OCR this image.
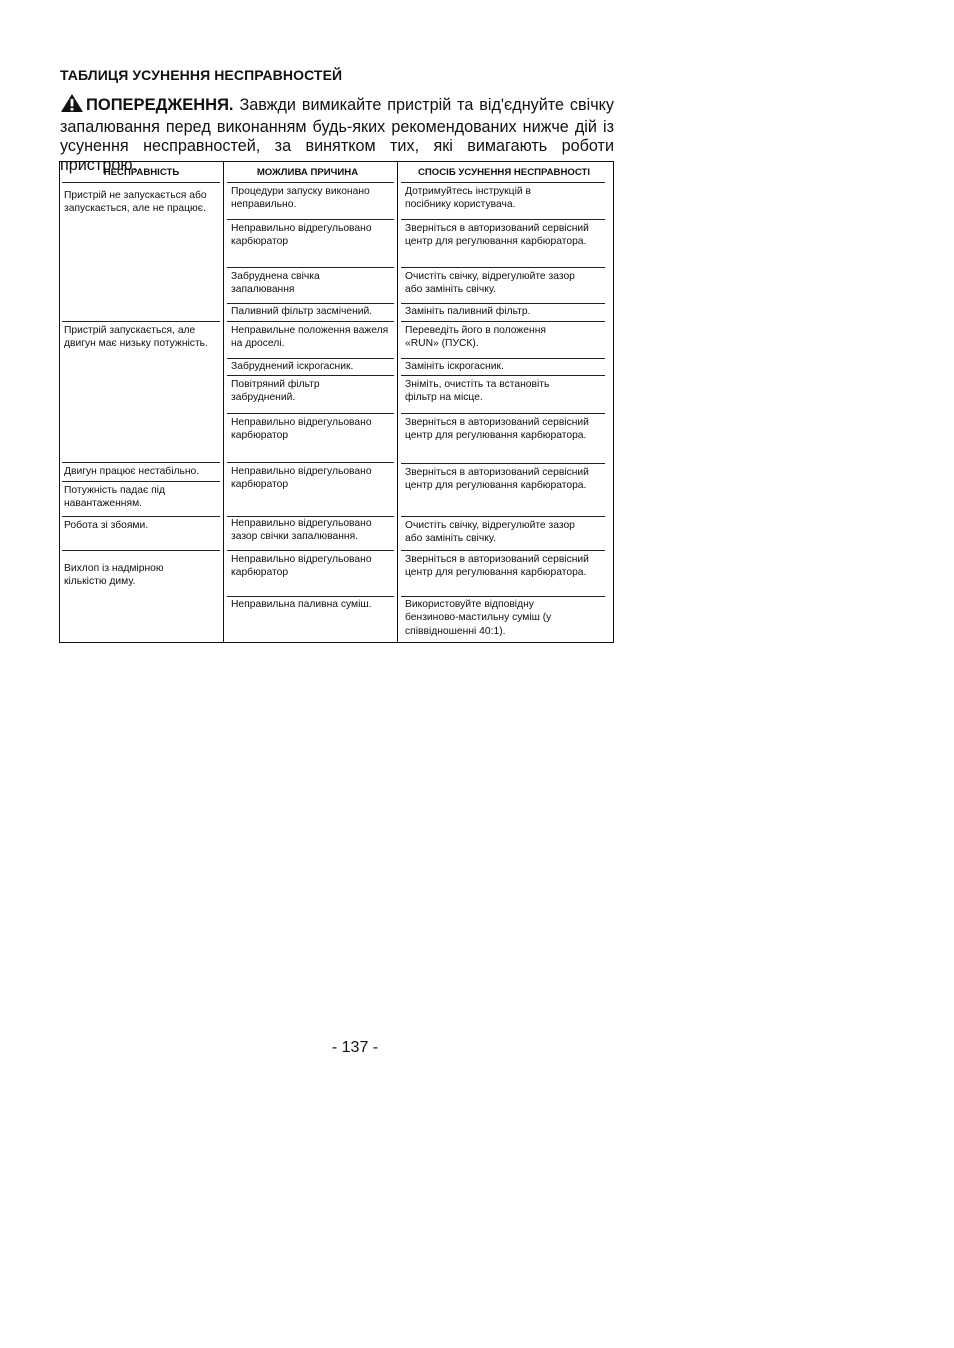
ТАБЛИЦЯ УСУНЕННЯ НЕСПРАВНОСТЕЙ
ПОПЕРЕДЖЕННЯ. Завжди вимикайте пристрій та від'єднуйте свічку запалювання перед виконанням будь-яких рекомендованих нижче дій із усунення несправностей, за винятком тих, які вимагають роботи пристрою.
НЕСПРАВНІСТЬ	МОЖЛИВА ПРИЧИНА	СПОСІБ УСУНЕННЯ НЕСПРАВНОСТІ
Пристрій не запускається або запускається, але не працює.
Пристрій запускається, але двигун має низьку потужність.
Двигун працює нестабільно.
Потужність падає під навантаженням.
Робота зі збоями.
Вихлоп із надмірною кількістю диму.
Процедури запуску виконано неправильно.
Неправильно відрегульовано карбюратор
Забруднена свічка запалювання
Паливний фільтр засмічений.
Неправильне положення важеля на дроселі.
Забруднений іскрогасник.
Повітряний фільтр забруднений.
Неправильно відрегульовано карбюратор
Неправильно відрегульовано карбюратор
Неправильно відрегульовано зазор свічки запалювання.
Неправильно відрегульовано карбюратор
Неправильна паливна суміш.
Дотримуйтесь інструкцій в посібнику користувача.
Зверніться в авторизований сервісний центр для регулювання карбюратора.
Очистіть свічку, відрегулюйте зазор або замініть свічку.
Замініть паливний фільтр.
Переведіть його в положення «RUN» (ПУСК).
Замініть іскрогасник.
Зніміть, очистіть та встановіть фільтр на місце.
Зверніться в авторизований сервісний центр для регулювання карбюратора.
Зверніться в авторизований сервісний центр для регулювання карбюратора.
Очистіть свічку, відрегулюйте зазор або замініть свічку.
Зверніться в авторизований сервісний центр для регулювання карбюратора.
Використовуйте відповідну бензиново-мастильну суміш (у співвідношенні 40:1).
- 137 -
